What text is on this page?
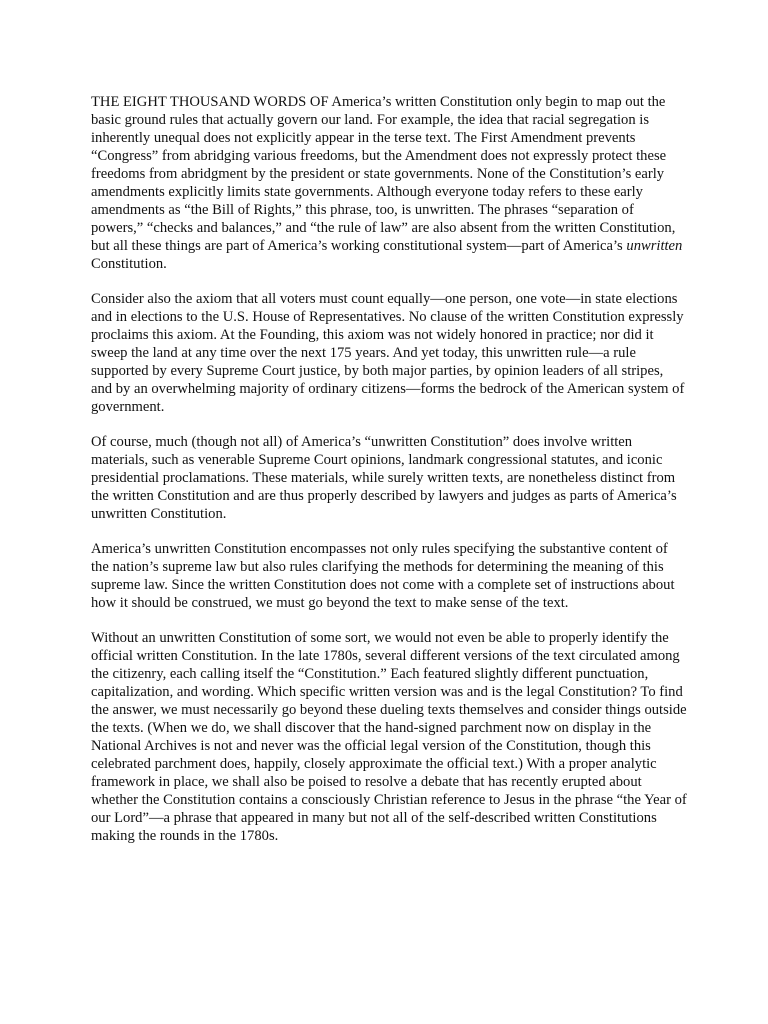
THE EIGHT THOUSAND WORDS OF America’s written Constitution only begin to map out the basic ground rules that actually govern our land. For example, the idea that racial segregation is inherently unequal does not explicitly appear in the terse text. The First Amendment prevents “Congress” from abridging various freedoms, but the Amendment does not expressly protect these freedoms from abridgment by the president or state governments. None of the Constitution’s early amendments explicitly limits state governments. Although everyone today refers to these early amendments as “the Bill of Rights,” this phrase, too, is unwritten. The phrases “separation of powers,” “checks and balances,” and “the rule of law” are also absent from the written Constitution, but all these things are part of America’s working constitutional system—part of America’s unwritten Constitution.

Consider also the axiom that all voters must count equally—one person, one vote—in state elections and in elections to the U.S. House of Representatives. No clause of the written Constitution expressly proclaims this axiom. At the Founding, this axiom was not widely honored in practice; nor did it sweep the land at any time over the next 175 years. And yet today, this unwritten rule—a rule supported by every Supreme Court justice, by both major parties, by opinion leaders of all stripes, and by an overwhelming majority of ordinary citizens—forms the bedrock of the American system of government.

Of course, much (though not all) of America’s “unwritten Constitution” does involve written materials, such as venerable Supreme Court opinions, landmark congressional statutes, and iconic presidential proclamations. These materials, while surely written texts, are nonetheless distinct from the written Constitution and are thus properly described by lawyers and judges as parts of America’s unwritten Constitution.

America’s unwritten Constitution encompasses not only rules specifying the substantive content of the nation’s supreme law but also rules clarifying the methods for determining the meaning of this supreme law. Since the written Constitution does not come with a complete set of instructions about how it should be construed, we must go beyond the text to make sense of the text.

Without an unwritten Constitution of some sort, we would not even be able to properly identify the official written Constitution. In the late 1780s, several different versions of the text circulated among the citizenry, each calling itself the “Constitution.” Each featured slightly different punctuation, capitalization, and wording. Which specific written version was and is the legal Constitution? To find the answer, we must necessarily go beyond these dueling texts themselves and consider things outside the texts. (When we do, we shall discover that the hand-signed parchment now on display in the National Archives is not and never was the official legal version of the Constitution, though this celebrated parchment does, happily, closely approximate the official text.) With a proper analytic framework in place, we shall also be poised to resolve a debate that has recently erupted about whether the Constitution contains a consciously Christian reference to Jesus in the phrase “the Year of our Lord”—a phrase that appeared in many but not all of the self-described written Constitutions making the rounds in the 1780s.
